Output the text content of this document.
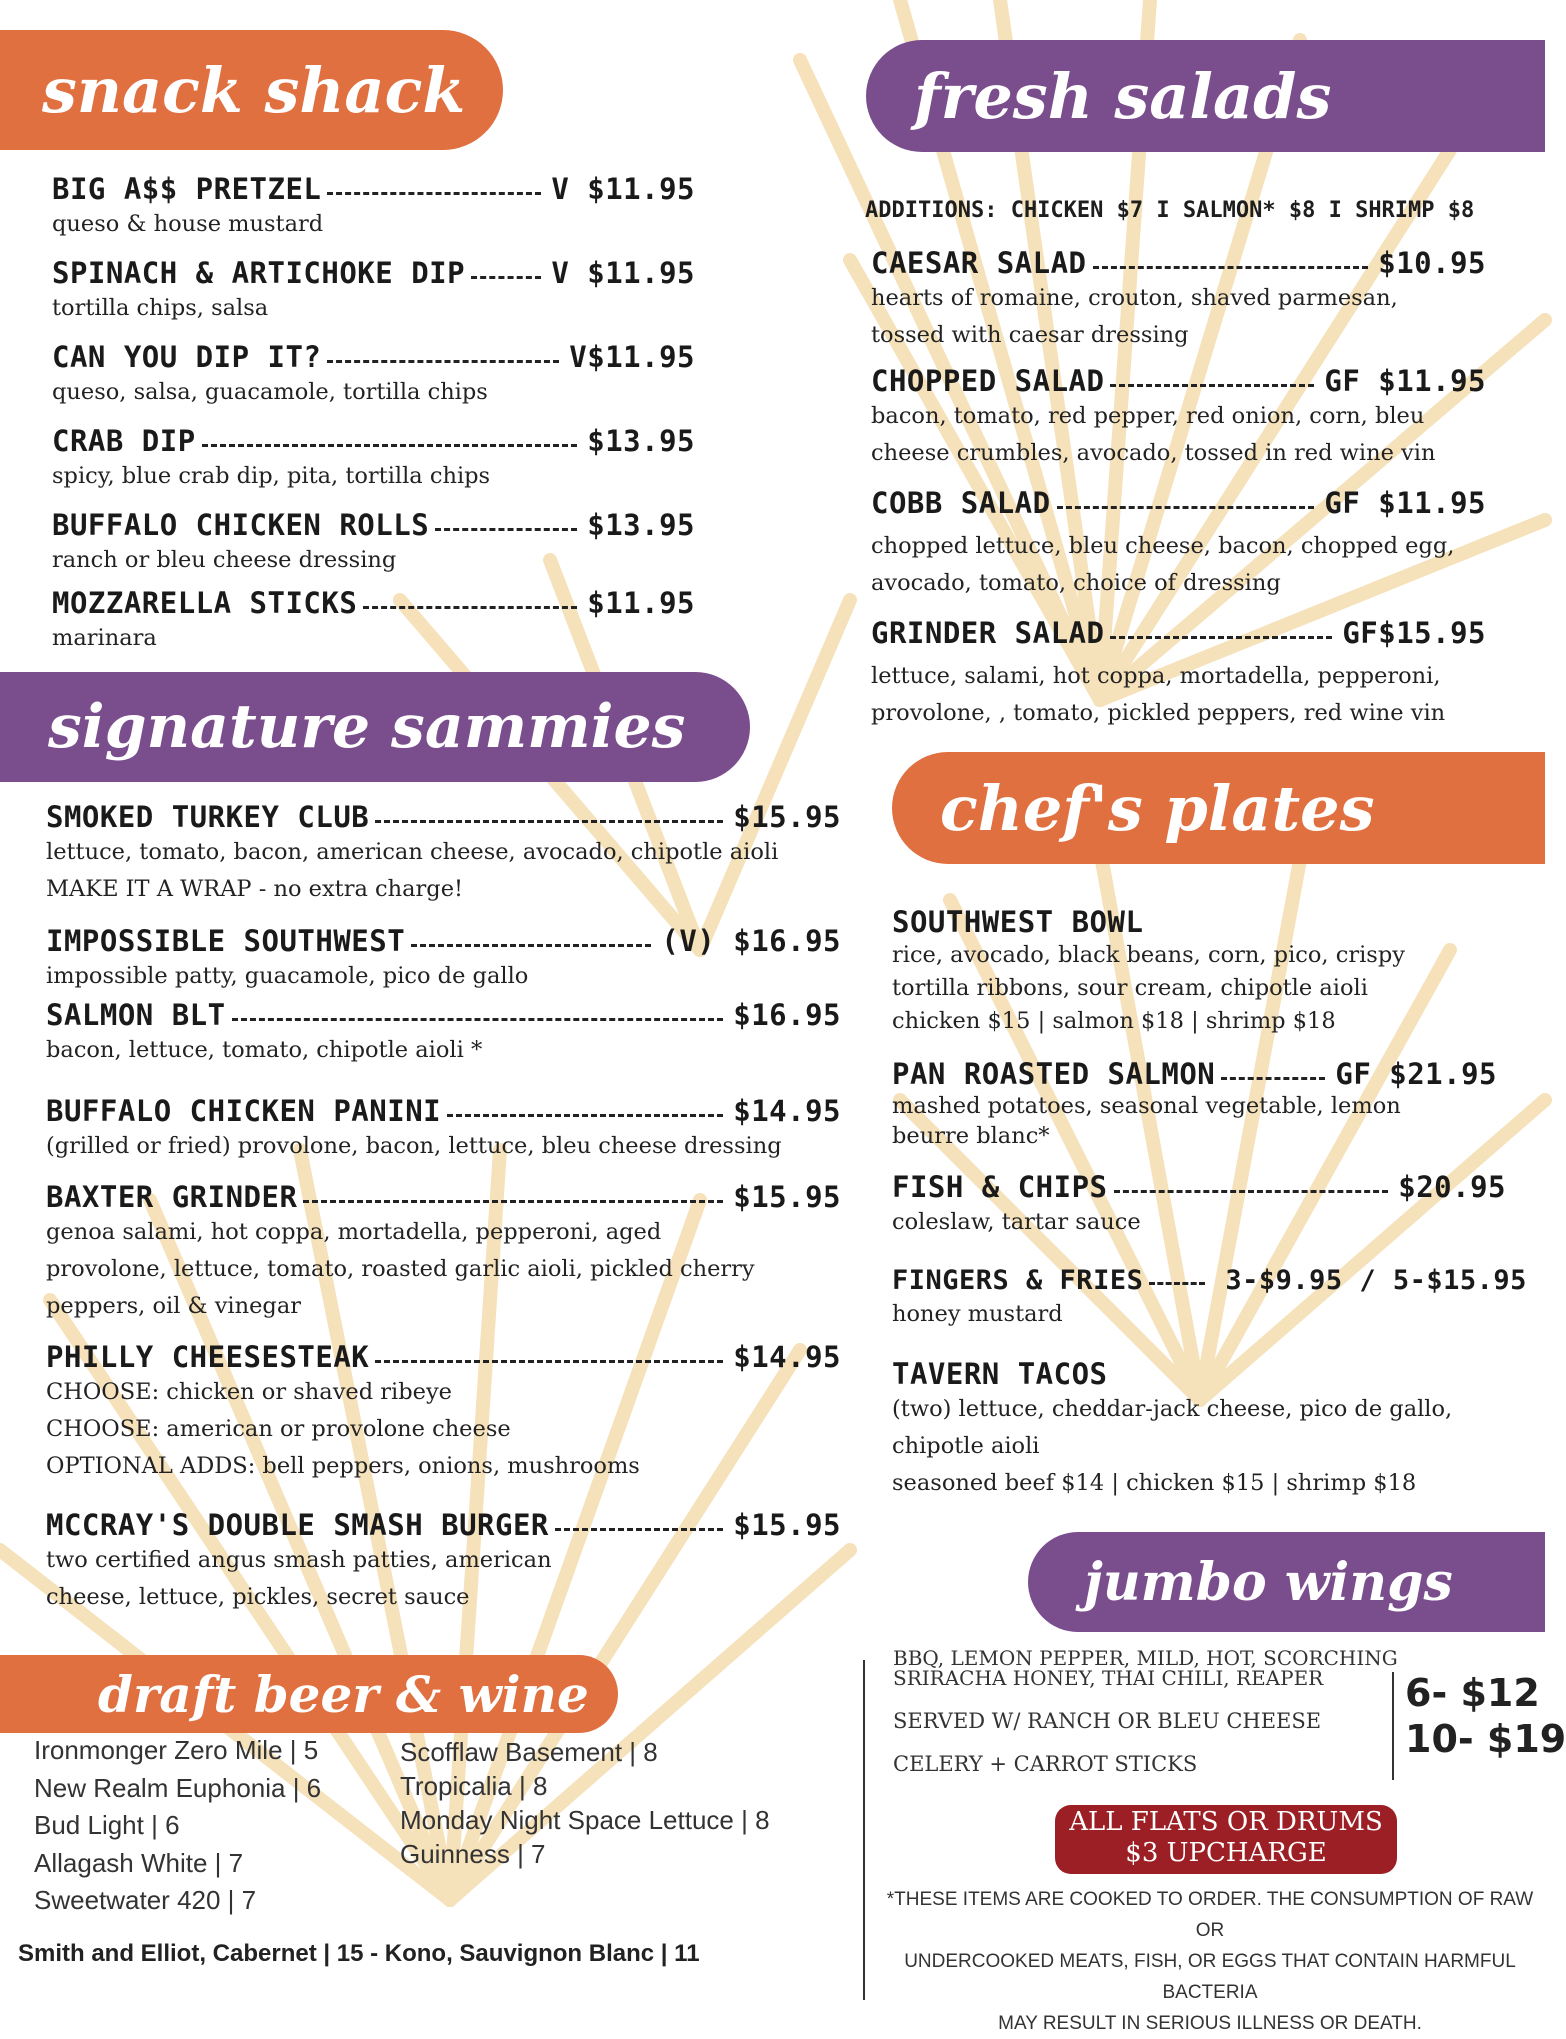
snack shack
BIG A$$ PRETZEL	V $11.95
queso & house mustard
SPINACH & ARTICHOKE DIP	V $11.95
tortilla chips, salsa
CAN YOU DIP IT?	V$11.95
queso, salsa, guacamole, tortilla chips
CRAB DIP	$13.95
spicy, blue crab dip, pita, tortilla chips
BUFFALO CHICKEN ROLLS	$13.95
ranch or bleu cheese dressing
MOZZARELLA STICKS	$11.95
marinara
signature sammies
SMOKED TURKEY CLUB	$15.95
lettuce, tomato, bacon, american cheese, avocado, chipotle aioli
MAKE IT A WRAP - no extra charge!
IMPOSSIBLE SOUTHWEST	(V) $16.95
impossible patty, guacamole, pico de gallo
SALMON BLT	$16.95
bacon, lettuce, tomato, chipotle aioli *
BUFFALO CHICKEN PANINI	$14.95
(grilled or fried) provolone, bacon, lettuce, bleu cheese dressing
BAXTER GRINDER	$15.95
genoa salami, hot coppa, mortadella, pepperoni, aged
provolone, lettuce, tomato, roasted garlic aioli, pickled cherry
peppers, oil & vinegar
PHILLY CHEESESTEAK	$14.95
CHOOSE: chicken or shaved ribeye
CHOOSE: american or provolone cheese
OPTIONAL ADDS: bell peppers, onions, mushrooms
MCCRAY'S DOUBLE SMASH BURGER	$15.95
two certified angus smash patties, american
cheese, lettuce, pickles, secret sauce
draft beer & wine
Ironmonger Zero Mile | 5
New Realm Euphonia | 6
Bud Light | 6
Allagash White | 7
Sweetwater 420 | 7
Scofflaw Basement | 8
Tropicalia | 8
Monday Night Space Lettuce | 8
Guinness | 7
Smith and Elliot, Cabernet | 15 - Kono, Sauvignon Blanc | 11
fresh salads
ADDITIONS: CHICKEN $7 I SALMON* $8 I SHRIMP $8
CAESAR SALAD	$10.95
hearts of romaine, crouton, shaved parmesan,
tossed with caesar dressing
CHOPPED SALAD	GF $11.95
bacon, tomato, red pepper, red onion, corn, bleu
cheese crumbles, avocado, tossed in red wine vin
COBB SALAD	GF $11.95
chopped lettuce, bleu cheese, bacon, chopped egg,
avocado, tomato, choice of dressing
GRINDER SALAD	GF$15.95
lettuce, salami, hot coppa, mortadella, pepperoni,
provolone, , tomato, pickled peppers, red wine vin
chef's plates
SOUTHWEST BOWL
rice, avocado, black beans, corn, pico, crispy
tortilla ribbons, sour cream, chipotle aioli
chicken $15 | salmon $18 | shrimp $18
PAN ROASTED SALMON	GF $21.95
mashed potatoes, seasonal vegetable, lemon
beurre blanc*
FISH & CHIPS	$20.95
coleslaw, tartar sauce
FINGERS & FRIES	3-$9.95 / 5-$15.95
honey mustard
TAVERN TACOS
(two) lettuce, cheddar-jack cheese, pico de gallo,
chipotle aioli
seasoned beef $14 | chicken $15 | shrimp $18
jumbo wings
BBQ, LEMON PEPPER, MILD, HOT, SCORCHING
SRIRACHA HONEY, THAI CHILI, REAPER
SERVED W/ RANCH OR BLEU CHEESE
CELERY + CARROT STICKS
6- $12
10- $19
ALL FLATS OR DRUMS
$3 UPCHARGE
*THESE ITEMS ARE COOKED TO ORDER. THE CONSUMPTION OF RAW OR
UNDERCOOKED MEATS, FISH, OR EGGS THAT CONTAIN HARMFUL BACTERIA
MAY RESULT IN SERIOUS ILLNESS OR DEATH.
